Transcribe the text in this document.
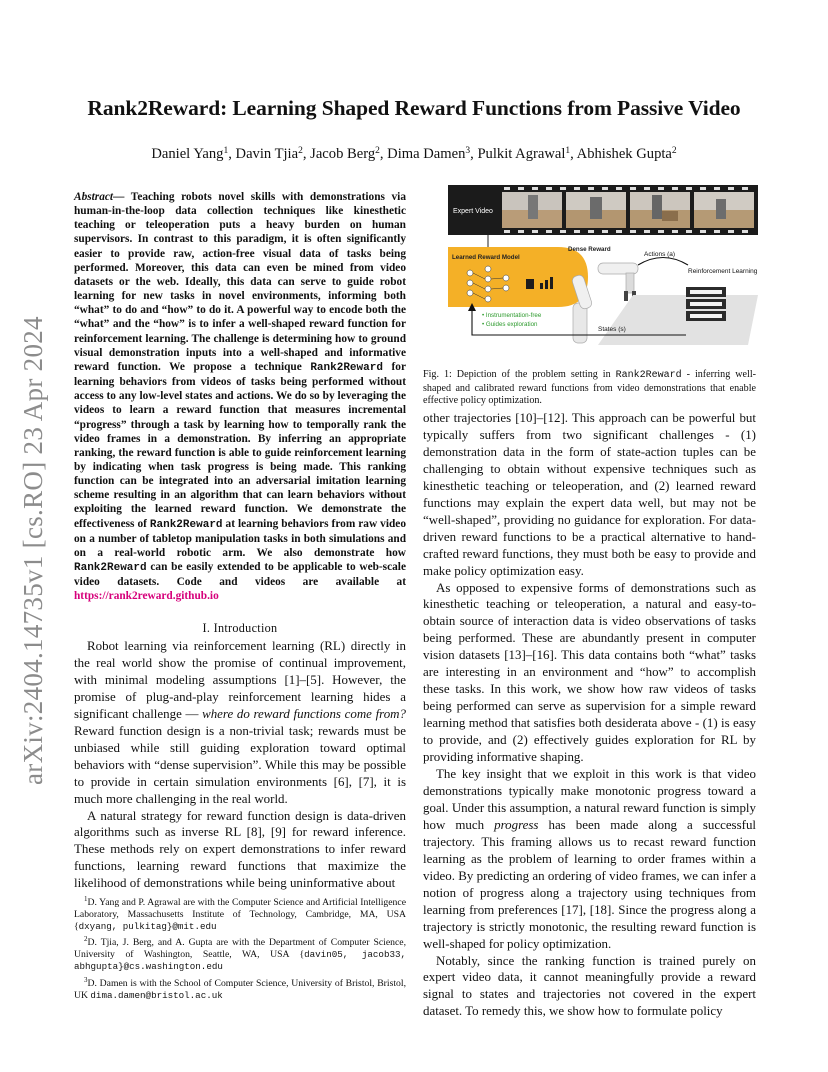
arXiv:2404.14735v1 [cs.RO] 23 Apr 2024
Rank2Reward: Learning Shaped Reward Functions from Passive Video
Daniel Yang$^1$, Davin Tjia$^2$, Jacob Berg$^2$, Dima Damen$^3$, Pulkit Agrawal$^1$, Abhishek Gupta$^2$
Abstract— Teaching robots novel skills with demonstrations via human-in-the-loop data collection techniques like kinesthetic teaching or teleoperation puts a heavy burden on human supervisors. In contrast to this paradigm, it is often significantly easier to provide raw, action-free visual data of tasks being performed. Moreover, this data can even be mined from video datasets or the web. Ideally, this data can serve to guide robot learning for new tasks in novel environments, informing both “what” to do and “how” to do it. A powerful way to encode both the “what” and the “how” is to infer a well-shaped reward function for reinforcement learning. The challenge is determining how to ground visual demonstration inputs into a well-shaped and informative reward function. We propose a technique Rank2Reward for learning behaviors from videos of tasks being performed without access to any low-level states and actions. We do so by leveraging the videos to learn a reward function that measures incremental “progress” through a task by learning how to temporally rank the video frames in a demonstration. By inferring an appropriate ranking, the reward function is able to guide reinforcement learning by indicating when task progress is being made. This ranking function can be integrated into an adversarial imitation learning scheme resulting in an algorithm that can learn behaviors without exploiting the learned reward function. We demonstrate the effectiveness of Rank2Reward at learning behaviors from raw video on a number of tabletop manipulation tasks in both simulations and on a real-world robotic arm. We also demonstrate how Rank2Reward can be easily extended to be applicable to web-scale video datasets. Code and videos are available at https://rank2reward.github.io
I. Introduction

Robot learning via reinforcement learning (RL) directly in the real world show the promise of continual improvement, with minimal modeling assumptions [1]–[5]. However, the promise of plug-and-play reinforcement learning hides a significant challenge — where do reward functions come from? Reward function design is a non-trivial task; rewards must be unbiased while still guiding exploration toward optimal behaviors with “dense supervision”. While this may be possible to provide in certain simulation environments [6], [7], it is much more challenging in the real world.

A natural strategy for reward function design is data-driven algorithms such as inverse RL [8], [9] for reward inference. These methods rely on expert demonstrations to infer reward functions, learning reward functions that maximize the likelihood of demonstrations while being uninformative about

$^1$D. Yang and P. Agrawal are with the Computer Science and Artificial Intelligence Laboratory, Massachusetts Institute of Technology, Cambridge, MA, USA {dxyang, pulkitag}@mit.edu

$^2$D. Tjia, J. Berg, and A. Gupta are with the Department of Computer Science, University of Washington, Seattle, WA, USA {davin05, jacob33, abhgupta}@cs.washington.edu

$^3$D. Damen is with the School of Computer Science, University of Bristol, Bristol, UK dima.damen@bristol.ac.uk

Expert Video
Learned Reward Model
Dense Reward
Actions (a)
Reinforcement Learning
States (s)
• Instrumentation-free
• Guides exploration
Fig. 1: Depiction of the problem setting in Rank2Reward - inferring well-shaped and calibrated reward functions from video demonstrations that enable effective policy optimization.

other trajectories [10]–[12]. This approach can be powerful but typically suffers from two significant challenges - (1) demonstration data in the form of state-action tuples can be challenging to obtain without expensive techniques such as kinesthetic teaching or teleoperation, and (2) learned reward functions may explain the expert data well, but may not be “well-shaped”, providing no guidance for exploration. For data-driven reward functions to be a practical alternative to hand-crafted reward functions, they must both be easy to provide and make policy optimization easy.

As opposed to expensive forms of demonstrations such as kinesthetic teaching or teleoperation, a natural and easy-to-obtain source of interaction data is video observations of tasks being performed. These are abundantly present in computer vision datasets [13]–[16]. This data contains both “what” tasks are interesting in an environment and “how” to accomplish these tasks. In this work, we show how raw videos of tasks being performed can serve as supervision for a simple reward learning method that satisfies both desiderata above - (1) is easy to provide, and (2) effectively guides exploration for RL by providing informative shaping.

The key insight that we exploit in this work is that video demonstrations typically make monotonic progress toward a goal. Under this assumption, a natural reward function is simply how much progress has been made along a successful trajectory. This framing allows us to recast reward function learning as the problem of learning to order frames within a video. By predicting an ordering of video frames, we can infer a notion of progress along a trajectory using techniques from learning from preferences [17], [18]. Since the progress along a trajectory is strictly monotonic, the resulting reward function is well-shaped for policy optimization.

Notably, since the ranking function is trained purely on expert video data, it cannot meaningfully provide a reward signal to states and trajectories not covered in the expert dataset. To remedy this, we show how to formulate policy
